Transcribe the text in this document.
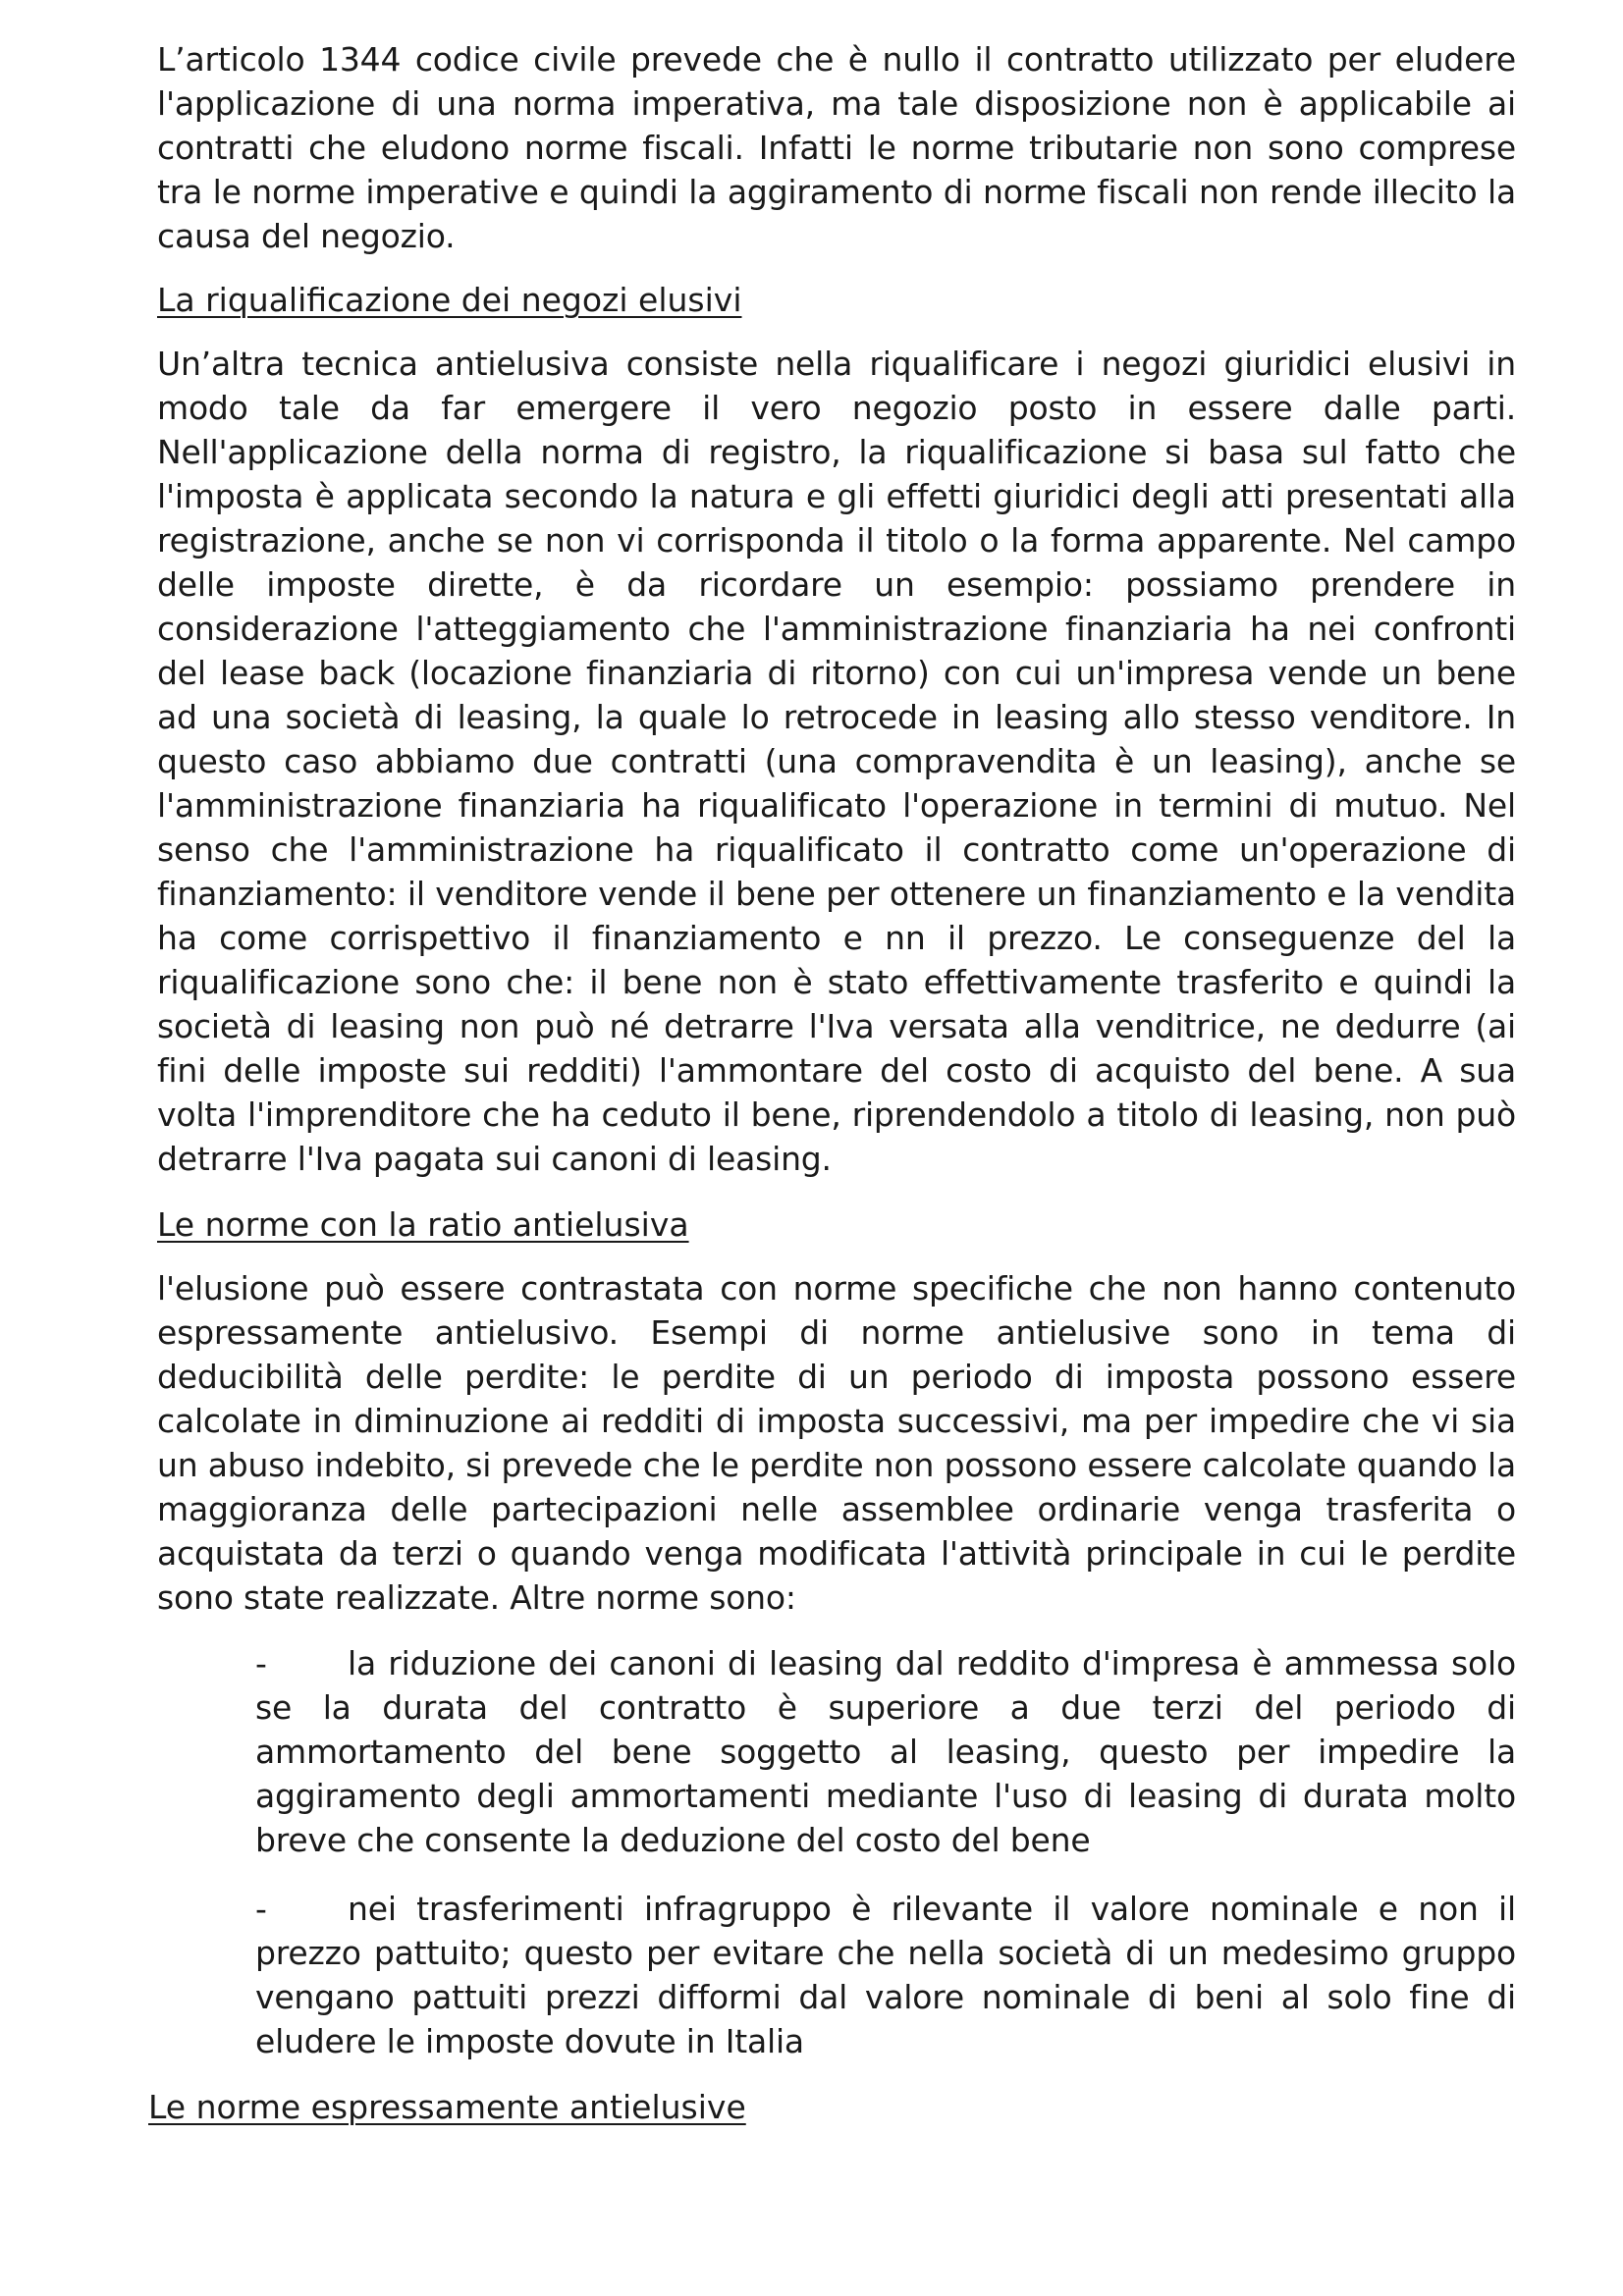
L’articolo 1344 codice civile prevede che è nullo il contratto utilizzato per eludere l'applicazione di una norma imperativa, ma tale disposizione non è applicabile ai contratti che eludono norme fiscali. Infatti le norme tributarie non sono comprese tra le norme imperative e quindi la aggiramento di norme fiscali non rende illecito la causa del negozio.

La riqualificazione dei negozi elusivi

Un’altra tecnica antielusiva consiste nella riqualificare i negozi giuridici elusivi in modo tale da far emergere il vero negozio posto in essere dalle parti. Nell'applicazione della norma di registro, la riqualificazione si basa sul fatto che l'imposta è applicata secondo la natura e gli effetti giuridici degli atti presentati alla registrazione, anche se non vi corrisponda il titolo o la forma apparente. Nel campo delle imposte dirette, è da ricordare un esempio: possiamo prendere in considerazione l'atteggiamento che l'amministrazione finanziaria ha nei confronti del lease back (locazione finanziaria di ritorno) con cui un'impresa vende un bene ad una società di leasing, la quale lo retrocede in leasing allo stesso venditore. In questo caso abbiamo due contratti (una compravendita è un leasing), anche se l'amministrazione finanziaria ha riqualificato l'operazione in termini di mutuo. Nel senso che l'amministrazione ha riqualificato il contratto come un'operazione di finanziamento: il venditore vende il bene per ottenere un finanziamento e la vendita ha come corrispettivo il finanziamento e nn il prezzo. Le conseguenze del la riqualificazione sono che: il bene non è stato effettivamente trasferito e quindi la società di leasing non può né detrarre l'Iva versata alla venditrice, ne dedurre (ai fini delle imposte sui redditi) l'ammontare del costo di acquisto del bene. A sua volta l'imprenditore che ha ceduto il bene, riprendendolo a titolo di leasing, non può detrarre l'Iva pagata sui canoni di leasing.

Le norme con la ratio antielusiva

l'elusione può essere contrastata con norme specifiche che non hanno contenuto espressamente antielusivo. Esempi di norme antielusive sono in tema di deducibilità delle perdite: le perdite di un periodo di imposta possono essere calcolate in diminuzione ai redditi di imposta successivi, ma per impedire che vi sia un abuso indebito, si prevede che le perdite non possono essere calcolate quando la maggioranza delle partecipazioni nelle assemblee ordinarie venga trasferita o acquistata da terzi o quando venga modificata l'attività principale in cui le perdite sono state realizzate. Altre norme sono:

-	la riduzione dei canoni di leasing dal reddito d'impresa è ammessa solo se la durata del contratto è superiore a due terzi del periodo di ammortamento del bene soggetto al leasing, questo per impedire la aggiramento degli ammortamenti mediante l'uso di leasing di durata molto breve che consente la deduzione del costo del bene

-	nei trasferimenti infragruppo è rilevante il valore nominale e non il prezzo pattuito; questo per evitare che nella società di un medesimo gruppo vengano pattuiti prezzi difformi dal valore nominale di beni al solo fine di eludere le imposte dovute in Italia

Le norme espressamente antielusive
